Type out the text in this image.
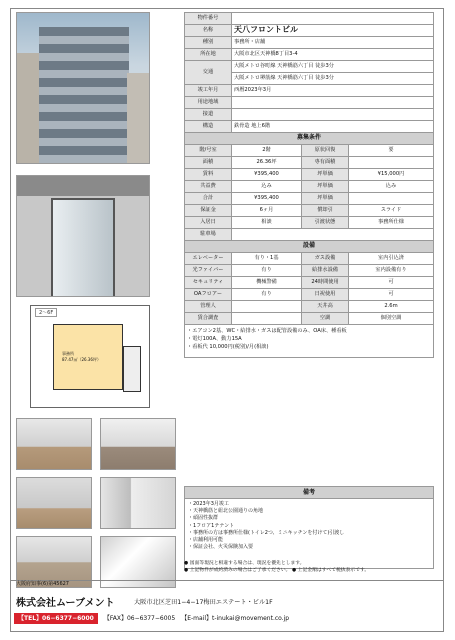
2～6F
事務所
87.47㎡（26.36坪）
物件番号			
名称	天八フロントビル		
種別	事務所・店舗		
所在地	大阪市北区天神橋8丁目3-4		
交通	大阪メトロ谷町線 天神橋筋六丁目 徒歩3分		
	大阪メトロ堺筋線 天神橋筋六丁目 徒歩3分		
竣工年月	西暦2023年3月		
用途地域			
接道			
構造	鉄骨造 地上6階		
募集条件			
階/号室	2階	原状回復	要
面積	26.36坪	専有面積	
賃料	¥395,400	坪単価	¥15,000円
共益費	込み	坪単価	込み
合計	¥395,400	坪単価	
保証金	6ヶ月	償却引	スライド
入居日	相談	引渡状態	事務所仕様
駐車場			
設備			
エレベーター	有り・1基	ガス設備	室内引込済
光ファイバー	有り	給排水設備	室内設備有り
セキュリティ	機械警備	24時間使用	可
OAフロアー	有り	日祝使用	可
管理人		天井高	2.6m
賃合調査		空調	個別空調

・エアコン2基、WC・給排水・ガスは配管設備のみ、OA床、種看板
・電灯100A、動力15A
・看板代 10,000円(税別)/月(相談)			
備考
・2023年3月竣工
・天神橋筋と紐北公園通りの角地
・頑固性抜群
・1フロア1テナント
・事務所の方は事務所仕様(トイレ2つ、ミニキッチンを付けて)引渡し
・店舗利用可能
・保証会社、火災保険加入要
● 図面等現況と相違する場合は、現況を優先とします。
● 上記物件が成約済みの場合はご了承ください。 ● 上記金額はすべて税抜表示です。
大阪府知事(6)第45627
株式会社ムーブメント	大阪市北区芝田1−4−17梅田エステート・ビル1F
【TEL】06−6377−6000 【FAX】06−6377−6005 【E-mail】t-inukai@movement.co.jp
